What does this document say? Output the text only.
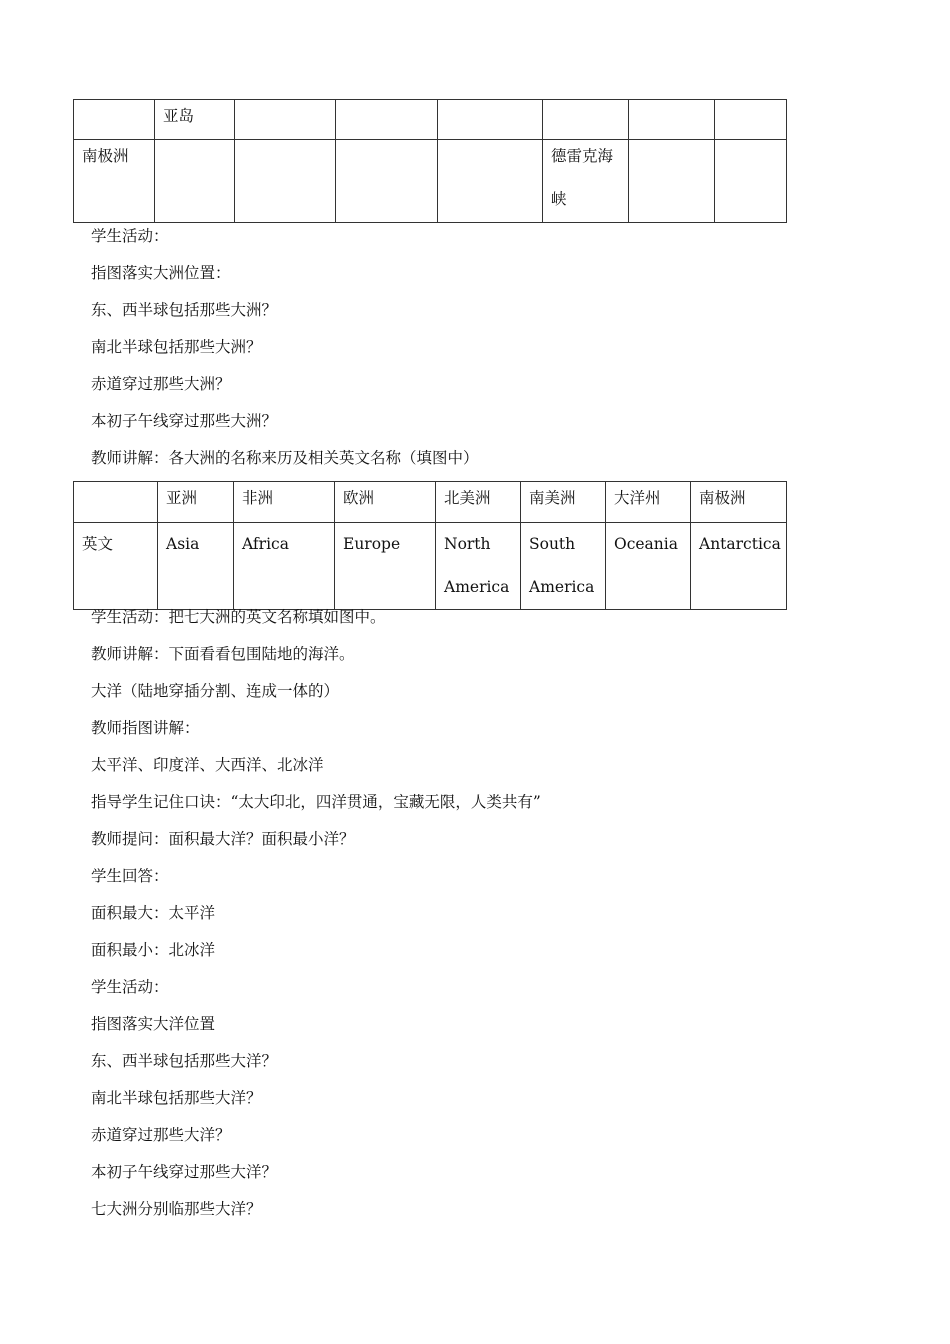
	亚岛						
南极洲					德雷克海峡		

学生活动：
指图落实大洲位置：
东、西半球包括那些大洲？
南北半球包括那些大洲？
赤道穿过那些大洲？
本初子午线穿过那些大洲？
教师讲解：各大洲的名称来历及相关英文名称（填图中）
	亚洲	非洲	欧洲	北美洲	南美洲	大洋州	南极洲
英文	Asia	Africa	Europe	North America	South America	Oceania	Antarctica
学生活动：把七大洲的英文名称填如图中。
教师讲解：下面看看包围陆地的海洋。
大洋（陆地穿插分割、连成一体的）
教师指图讲解：
太平洋、印度洋、大西洋、北冰洋
指导学生记住口诀：“太大印北，四洋贯通，宝藏无限，人类共有”
教师提问：面积最大洋？面积最小洋？
学生回答：
面积最大：太平洋
面积最小：北冰洋
学生活动：
指图落实大洋位置
东、西半球包括那些大洋？
南北半球包括那些大洋？
赤道穿过那些大洋？
本初子午线穿过那些大洋？
七大洲分别临那些大洋？
